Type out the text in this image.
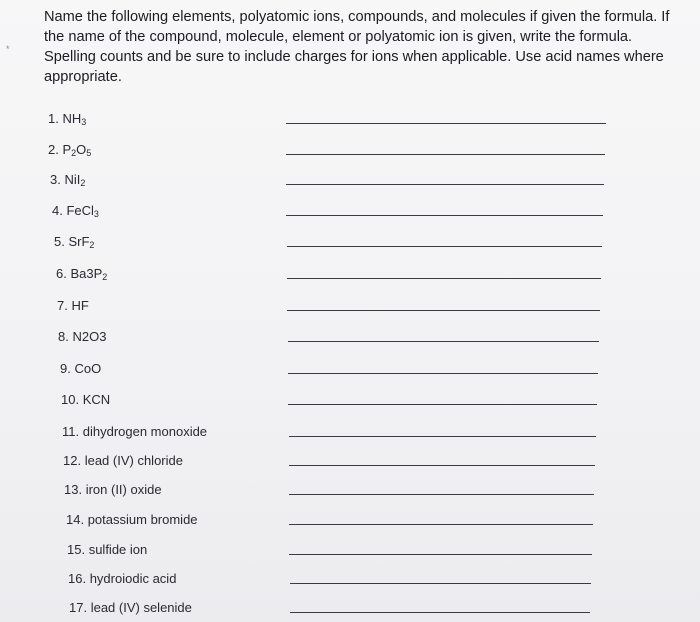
*
Name the following elements, polyatomic ions, compounds, and molecules if given the formula. If the name of the compound, molecule, element or polyatomic ion is given, write the formula. Spelling counts and be sure to include charges for ions when applicable. Use acid names where appropriate.
1. $NH_3$
2. $P_2O_5$
3. NiI$_2$
4. FeCl$_3$
5. SrF$_2$
6. $Ba3P_2$
7. HF
8. N2O3
9. CoO
10. KCN
11. dihydrogen monoxide
12. lead (IV) chloride
13. iron (II) oxide
14. potassium bromide
15. sulfide ion
16. hydroiodic acid
17. lead (IV) selenide
